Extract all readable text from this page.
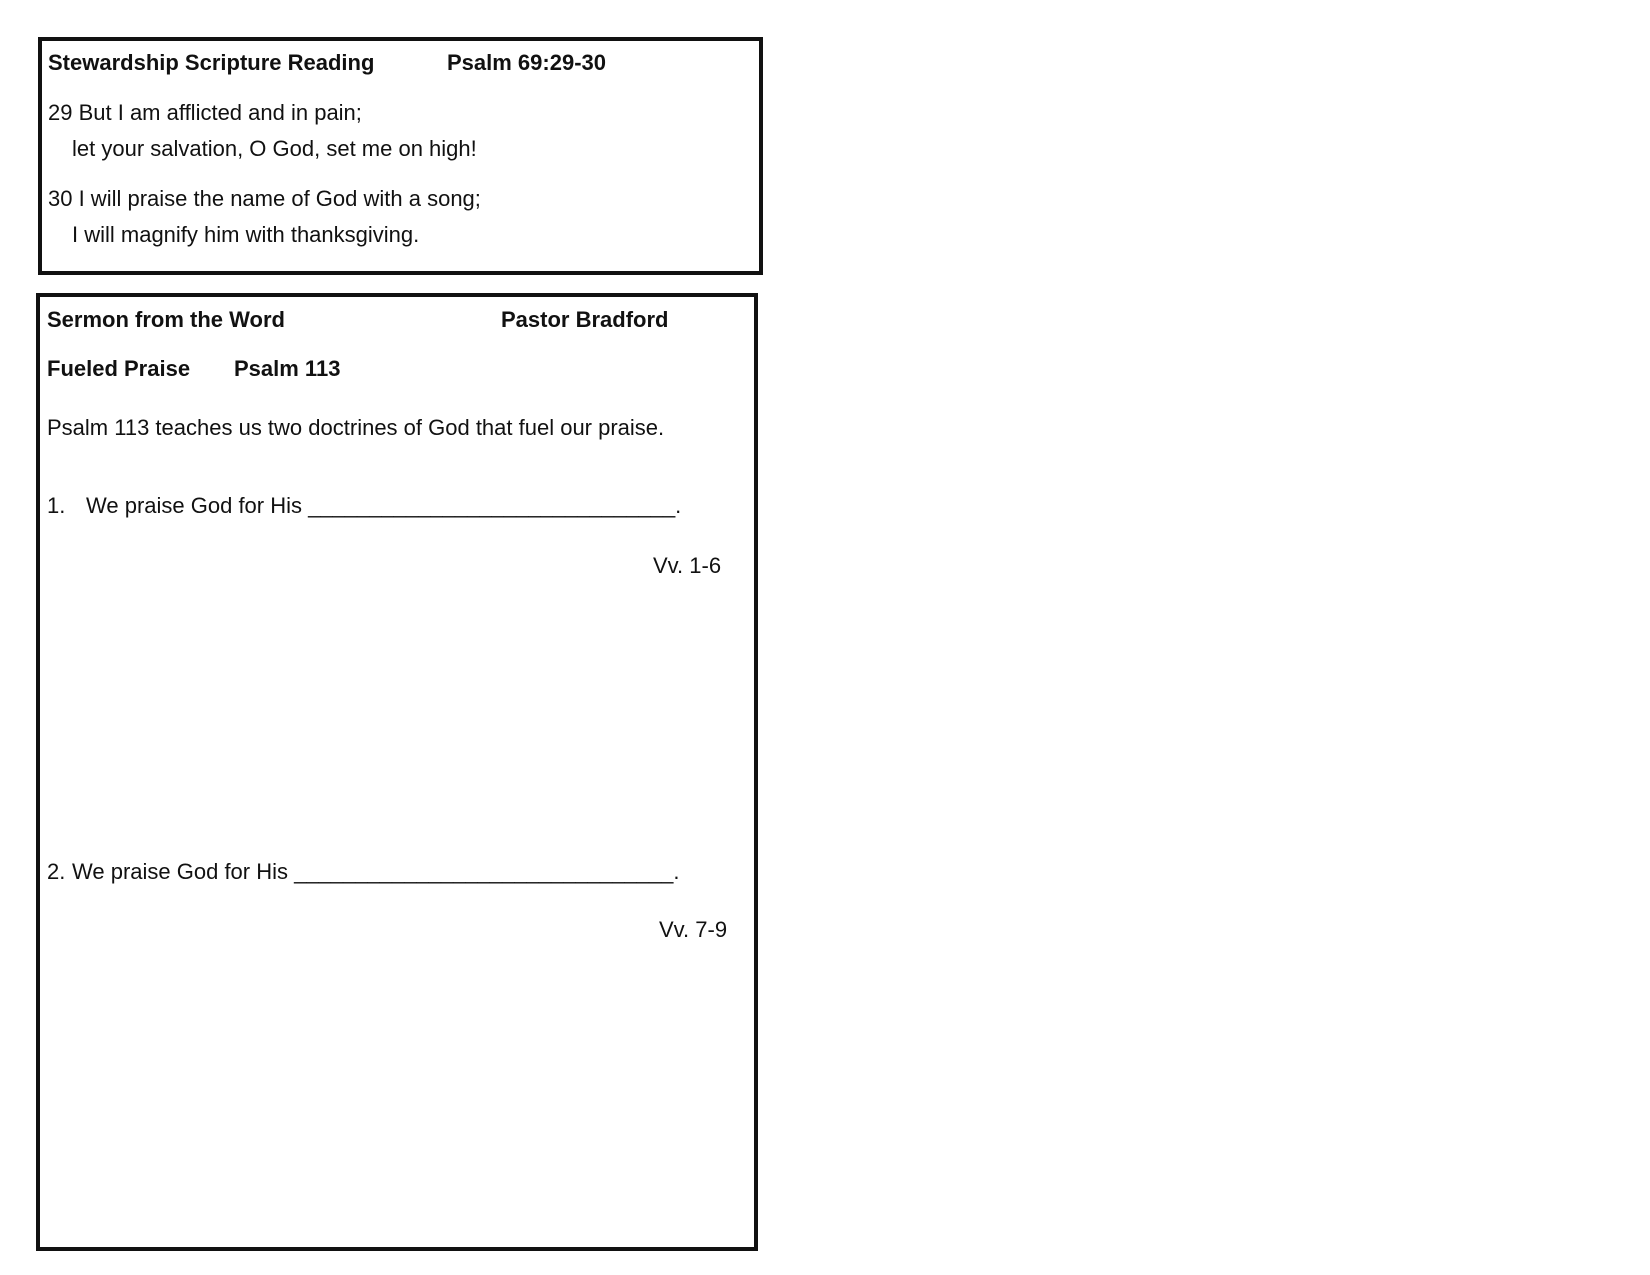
Stewardship Scripture Reading	Psalm 69:29-30
29 But I am afflicted and in pain;
let your salvation, O God, set me on high!
30 I will praise the name of God with a song;
I will magnify him with thanksgiving.
Sermon from the Word	Pastor Bradford
Fueled Praise Psalm 113
Psalm 113 teaches us two doctrines of God that fuel our praise.
1. We praise God for His ______________________________.
Vv. 1-6
2. We praise God for His _______________________________.
Vv. 7-9
